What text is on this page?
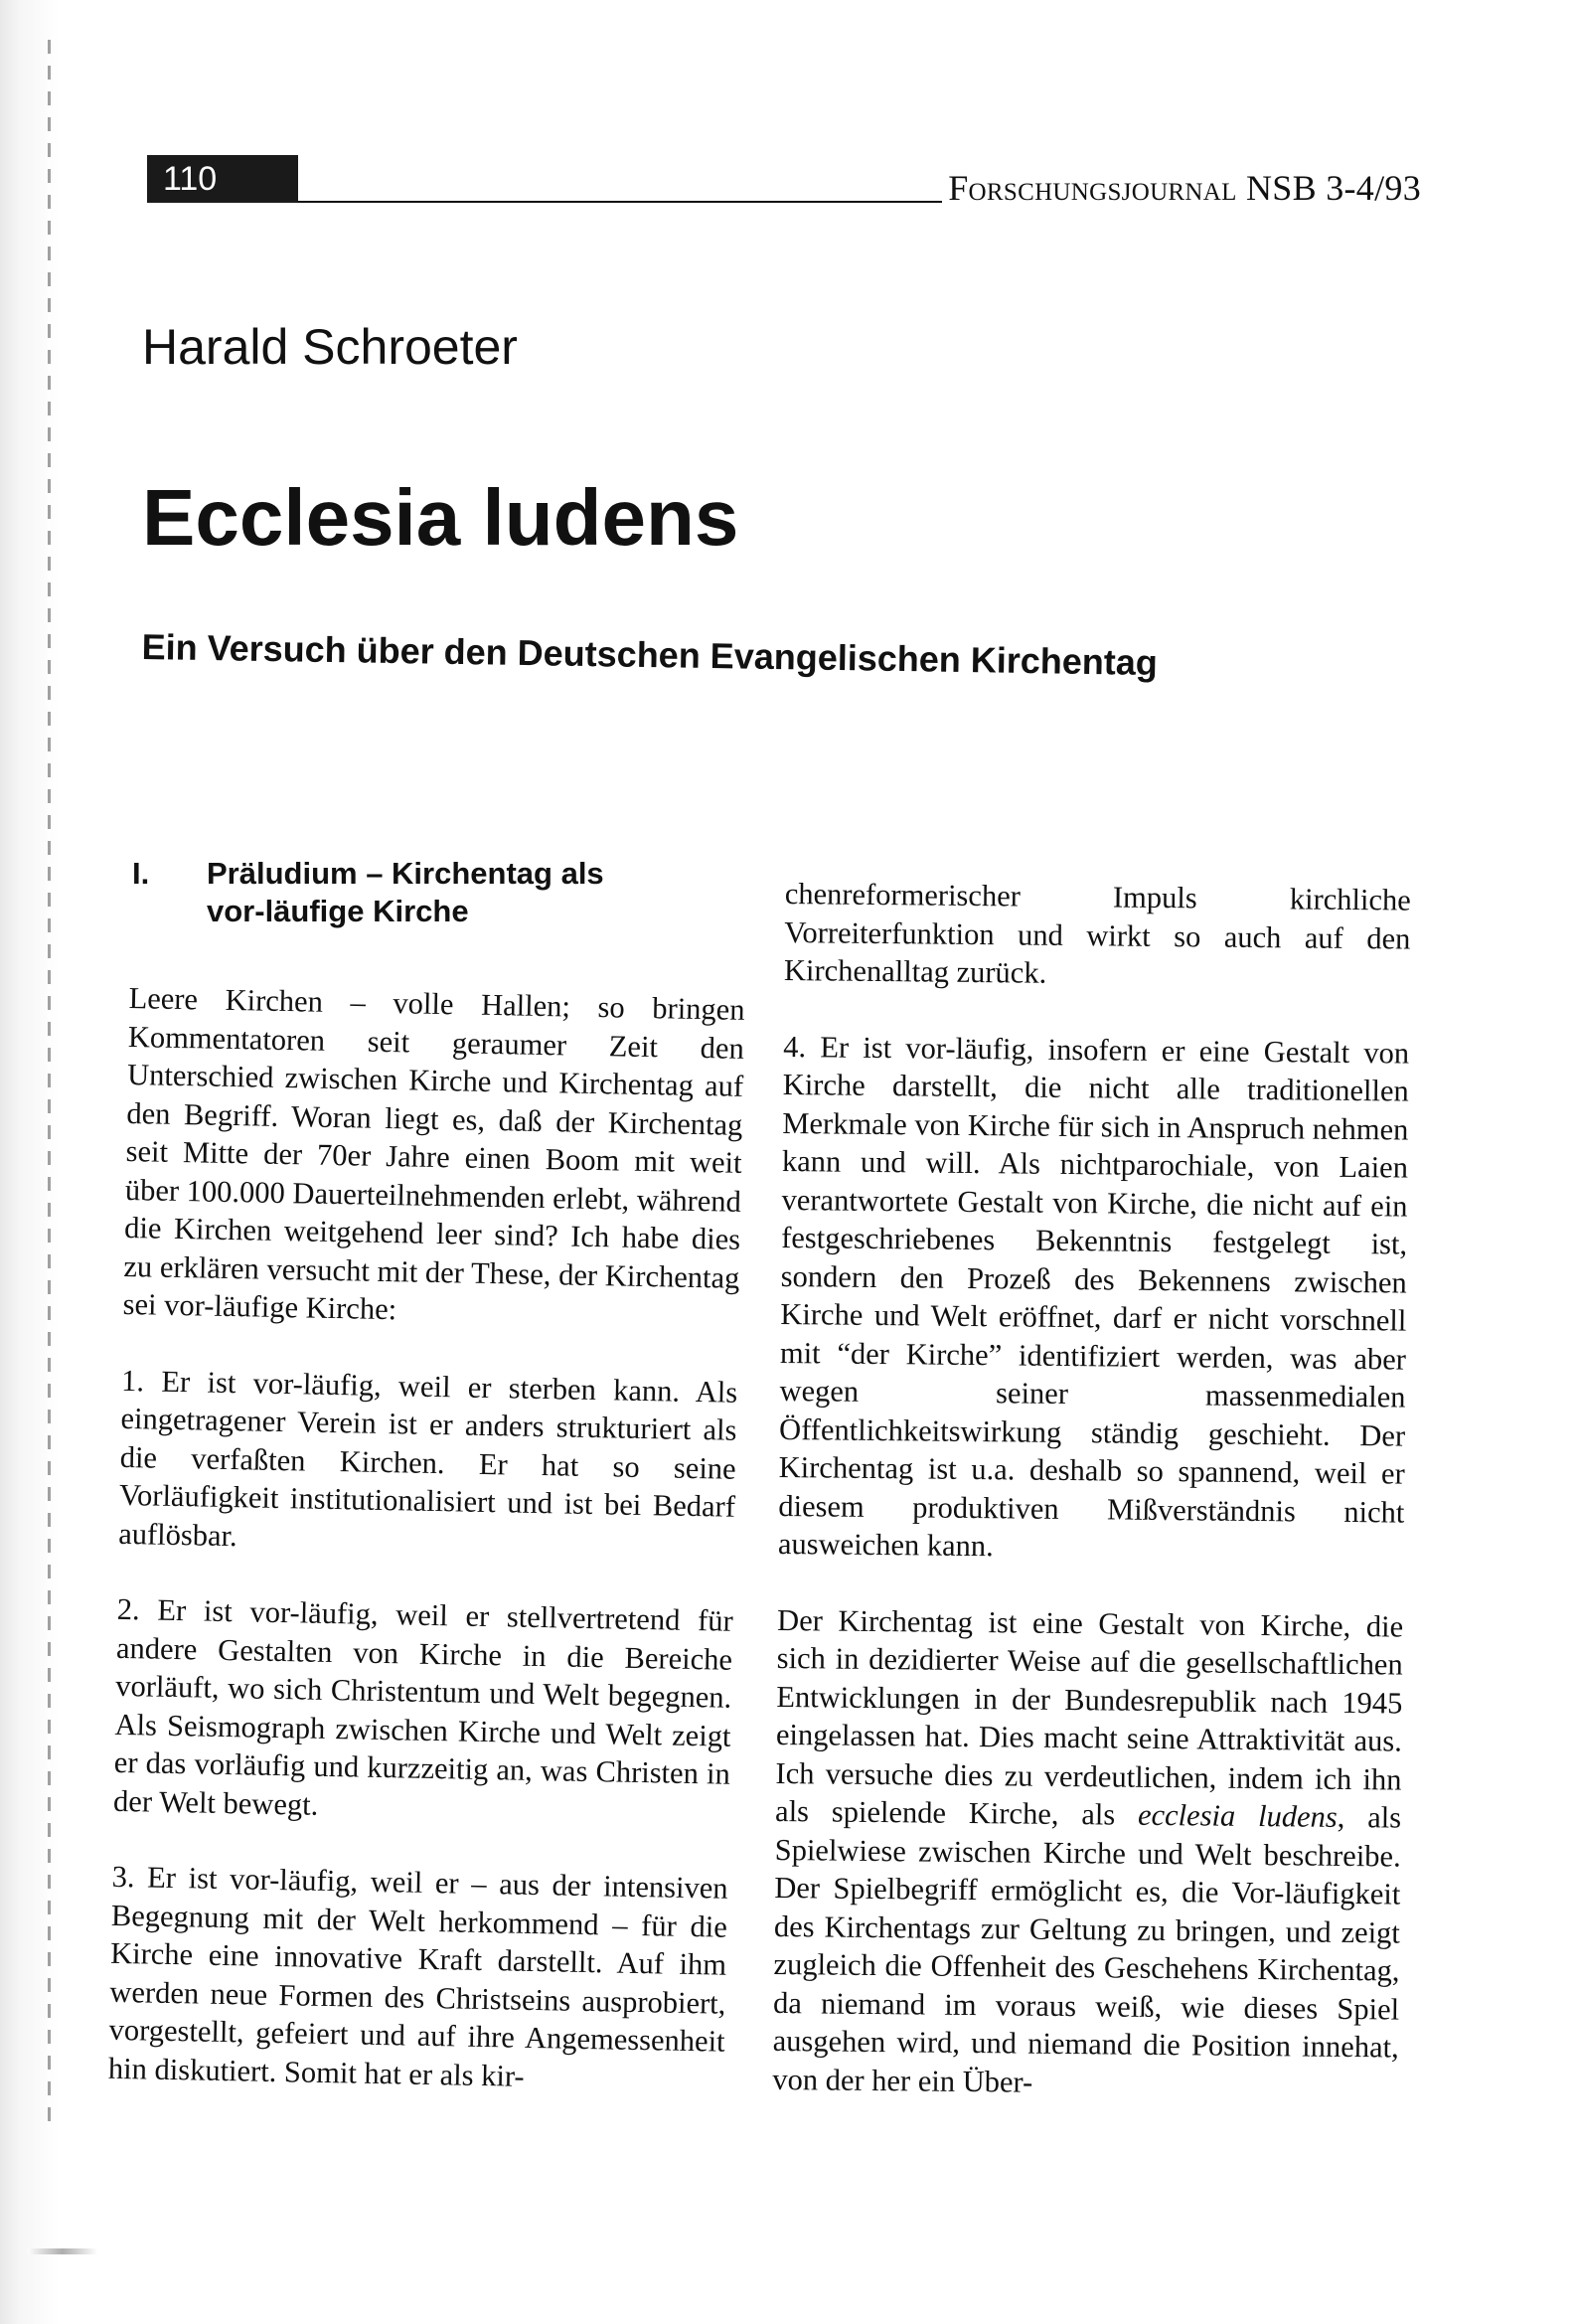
110	Forschungsjournal NSB 3-4/93
Harald Schroeter
Ecclesia ludens
Ein Versuch über den Deutschen Evangelischen Kirchentag
I. Präludium – Kirchentag als
vor-läufige Kirche

Leere Kirchen – volle Hallen; so bringen Kommentatoren seit geraumer Zeit den Unterschied zwischen Kirche und Kirchentag auf den Begriff. Woran liegt es, daß der Kirchentag seit Mitte der 70er Jahre einen Boom mit weit über 100.000 Dauerteilnehmenden erlebt, während die Kirchen weitgehend leer sind? Ich habe dies zu erklären versucht mit der These, der Kirchentag sei vor-läufige Kirche:

1. Er ist vor-läufig, weil er sterben kann. Als eingetragener Verein ist er anders strukturiert als die verfaßten Kirchen. Er hat so seine Vorläufigkeit institutionalisiert und ist bei Bedarf auflösbar.

2. Er ist vor-läufig, weil er stellvertretend für andere Gestalten von Kirche in die Bereiche vorläuft, wo sich Christentum und Welt begegnen. Als Seismograph zwischen Kirche und Welt zeigt er das vorläufig und kurzzeitig an, was Christen in der Welt bewegt.

3. Er ist vor-läufig, weil er – aus der intensiven Begegnung mit der Welt herkommend – für die Kirche eine innovative Kraft darstellt. Auf ihm werden neue Formen des Christseins ausprobiert, vorgestellt, gefeiert und auf ihre Angemessenheit hin diskutiert. Somit hat er als kir-

chenreformerischer Impuls kirchliche Vorreiterfunktion und wirkt so auch auf den Kirchenalltag zurück.

4. Er ist vor-läufig, insofern er eine Gestalt von Kirche darstellt, die nicht alle traditionellen Merkmale von Kirche für sich in Anspruch nehmen kann und will. Als nichtparochiale, von Laien verantwortete Gestalt von Kirche, die nicht auf ein festgeschriebenes Bekenntnis festgelegt ist, sondern den Prozeß des Bekennens zwischen Kirche und Welt eröffnet, darf er nicht vorschnell mit “der Kirche” identifiziert werden, was aber wegen seiner massenmedialen Öffentlichkeitswirkung ständig geschieht. Der Kirchentag ist u.a. deshalb so spannend, weil er diesem produktiven Mißverständnis nicht ausweichen kann.

Der Kirchentag ist eine Gestalt von Kirche, die sich in dezidierter Weise auf die gesellschaftlichen Entwicklungen in der Bundesrepublik nach 1945 eingelassen hat. Dies macht seine Attraktivität aus. Ich versuche dies zu verdeutlichen, indem ich ihn als spielende Kirche, als ecclesia ludens, als Spielwiese zwischen Kirche und Welt beschreibe. Der Spielbegriff ermöglicht es, die Vor-läufigkeit des Kirchentags zur Geltung zu bringen, und zeigt zugleich die Offenheit des Geschehens Kirchentag, da niemand im voraus weiß, wie dieses Spiel ausgehen wird, und niemand die Position innehat, von der her ein Über-
